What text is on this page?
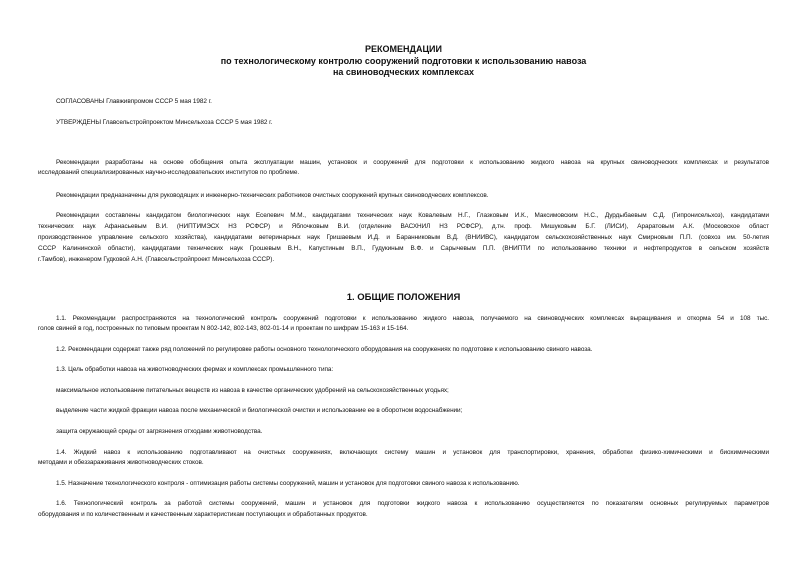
РЕКОМЕНДАЦИИ
по технологическому контролю сооружений подготовки к использованию навоза
на свиноводческих комплексах
СОГЛАСОВАНЫ Главживпромом СССР 5 мая 1982 г.
УТВЕРЖДЕНЫ Главсельстройпроектом Минсельхоза СССР 5 мая 1982 г.
Рекомендации разработаны на основе обобщения опыта эксплуатации машин, установок и сооружений для подготовки к использованию жидкого навоза на крупных свиноводческих комплексах и результатов
исследований специализированных научно-исследовательских институтов по проблеме.
Рекомендации предназначены для руководящих и инженерно-технических работников очистных сооружений крупных свиноводческих комплексов.
Рекомендации составлены кандидатом биологических наук Еселевич М.М., кандидатами технических наук Ковалевым Н.Г., Глазковым И.К., Максимовским Н.С., Дурдыбаевым С.Д. (Гипронисельхоз), кандидатами
технических наук Афанасьевым В.И. (НИПТИМЭСХ НЗ РСФСР) и Яблочковым В.И. (отделение ВАСХНИЛ НЗ РСФСР), д.тн. проф. Мишуковым Б.Г. (ЛИСИ), Араратовым А.К. (Московское област
производственное управление сельского хозяйства), кандидатами ветеринарных наук Гришаевым И.Д. и Баранниковым В.Д. (ВНИИВС), кандидатом сельскохозяйственных наук Смирновым П.П. (совхоз им. 50-летия
СССР Калининской области), кандидатами технических наук Грошевым В.Н., Капустиным В.П., Гудукиным В.Ф. и Сарычевым П.П. (ВНИПТИ по использованию техники и нефтепродуктов в сельском хозяйств
г.Тамбов), инженером Гудковой А.Н. (Главсельстройпроект Минсельхоза СССР).
1. ОБЩИЕ ПОЛОЖЕНИЯ
1.1. Рекомендации распространяются на технологический контроль сооружений подготовки к использованию жидкого навоза, получаемого на свиноводческих комплексах выращивания и откорма 54 и 108 тыс.
голов свиней в год, построенных по типовым проектам N 802-142, 802-143, 802-01-14 и проектам по шифрам 15-163 и 15-164.
1.2. Рекомендации содержат также ряд положений по регулировке работы основного технологического оборудования на сооружениях по подготовке к использованию свиного навоза.
1.3. Цель обработки навоза на животноводческих фермах и комплексах промышленного типа:
максимальное использование питательных веществ из навоза в качестве органических удобрений на сельскохозяйственных угодьях;
выделение части жидкой фракции навоза после механической и биологической очистки и использование ее в оборотном водоснабжении;
защита окружающей среды от загрязнения отходами животноводства.
1.4. Жидкий навоз к использованию подготавливают на очистных сооружениях, включающих систему машин и установок для транспортировки, хранения, обработки физико-химическими и биохимическими
методами и обеззараживания животноводческих стоков.
1.5. Назначение технологического контроля - оптимизация работы системы сооружений, машин и установок для подготовки свиного навоза к использованию.
1.6. Технологический контроль за работой системы сооружений, машин и установок для подготовки жидкого навоза к использованию осуществляется по показателям основных регулируемых параметров
оборудования и по количественным и качественным характеристикам поступающих и обработанных продуктов.
